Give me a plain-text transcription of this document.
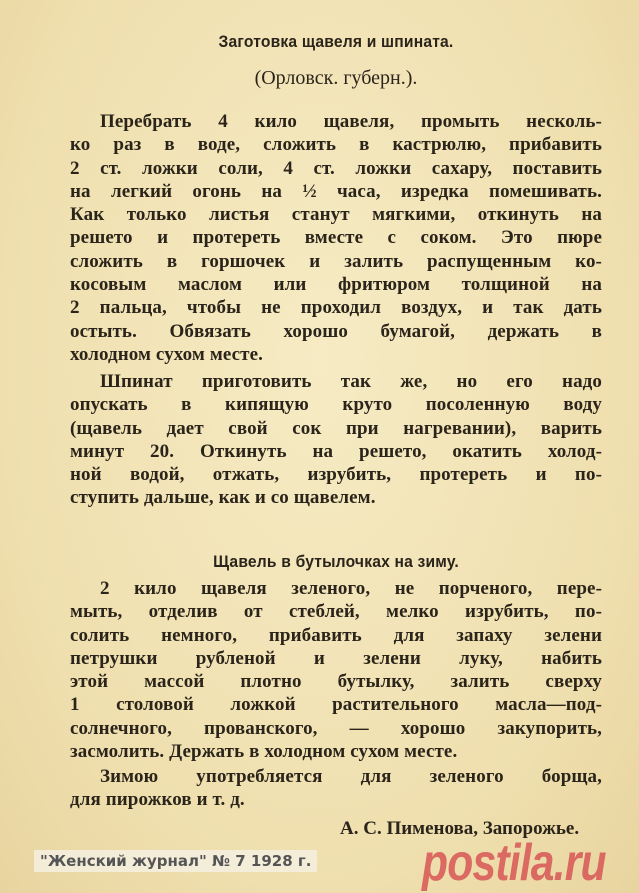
Заготовка щавеля и шпината.
(Орловск. губерн.).
Перебрать 4 кило щавеля, промыть несколь-
ко раз в воде, сложить в кастрюлю, прибавить
2 ст. ложки соли, 4 ст. ложки сахару, поставить
на легкий огонь на ½ часа, изредка помешивать.
Как только листья станут мягкими, откинуть на
решето и протереть вместе с соком. Это пюре
сложить в горшочек и залить распущенным ко-
косовым маслом или фритюром толщиной на
2 пальца, чтобы не проходил воздух, и так дать
остыть. Обвязать хорошо бумагой, держать в
холодном сухом месте.
Шпинат приготовить так же, но его надо
опускать в кипящую круто посоленную воду
(щавель дает свой сок при нагревании), варить
минут 20. Откинуть на решето, окатить холод-
ной водой, отжать, изрубить, протереть и по-
ступить дальше, как и со щавелем.
Щавель в бутылочках на зиму.
2 кило щавеля зеленого, не порченого, пере-
мыть, отделив от стеблей, мелко изрубить, по-
солить немного, прибавить для запаху зелени
петрушки рубленой и зелени луку, набить
этой массой плотно бутылку, залить сверху
1 столовой ложкой растительного масла—под-
солнечного, прованского, — хорошо закупорить,
засмолить. Держать в холодном сухом месте.
Зимою употребляется для зеленого борща,
для пирожков и т. д.
А. С. Пименова, Запорожье.
"Женский журнал" № 7 1928 г. postila.ru
